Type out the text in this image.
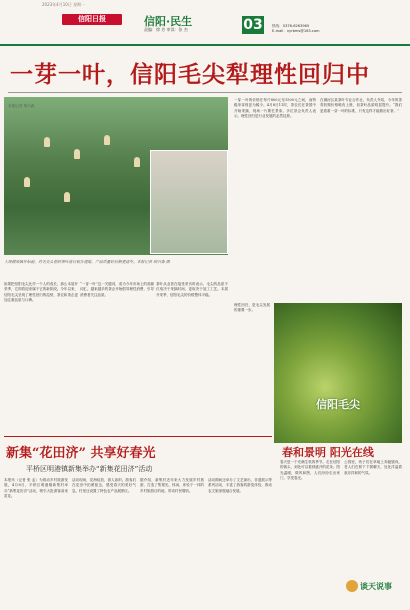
2023年4月10日 星期一
信阳日报	信阳·民生
责编：徐 芳 审读：张 杰	03	热线：0376-6263965
E-mail：xyrbms@163.com
一芽一叶，信阳毛尖犁理性回归中
本报记者 胡兴森
大规模采摘开始前，对毛尖头茬的茶叶进行初步提取，产品质量好价格更适中。本报记者 胡兴森 摄
如果把信阳毛尖比作一个人的成长，那么本届开采季，它即将迎来属于它的新阶段。今年以来，信阳毛尖呈现了理性回归的趋势，茶农和茶企更加注重品质与口碑。
“一芽一叶”这一关键词，成为今年市场上的高频词汇。越来越多的茶企开始倡导理性消费，引导消费者关注品质。
茶叶从业者在接受采访时表示，毛尖的品质不仅取决于采摘时间，更取决于加工工艺。本届开采季，信阳毛尖的价格整体平稳。
一芽一叶的价格在每斤800元至1500元之间，而特级单芽则更为稀少。4月8日11时，茶农们在茶园中开始采摘，现场一片繁忙景象。多位茶企负责人表示，理性回归是行业发展的必然趋势。
在浉河区某茶叶专业合作社，负责人介绍，今年的茶青收购价格略有上涨，但茶叶品质明显提升。“我们更看重一芽一叶的标准，只有这样才能做出好茶。”
理性回归，是毛尖发展的重要一步。
信阳毛尖
新集“花田济” 共享好春光
平桥区明港镇新集举办“新集花田济”活动
本报讯（记者 张 孟）为推动乡村旅游发展，4月8日，平桥区明港镇新集村举办“新集花田济”活动，吸引大批游客前来赏花。
活动现场，花海绽放，游人如织。游客们在花田中拍照留念，感受春天的美好气息。村里还设置了特色农产品展销区。
据介绍，新集村近年来大力发展乡村旅游，打造了集观光、休闲、体验于一体的乡村旅游目的地，带动村民增收。
活动期间还举办了文艺演出、非遗展示等系列活动，丰富了游客的游览体验，推动农文旅深度融合发展。
春和景明 阳光在线
春天是一个充满生机的季节。走在信阳的街头，到处可以看到盛开的花朵。阳光温暖，微风和煦，人们纷纷走出家门，享受春光。
公园里，孩子们在草地上奔跑嬉戏，老人们在树下下棋聊天，处处洋溢着欢乐祥和的气氛。
谈天说事
